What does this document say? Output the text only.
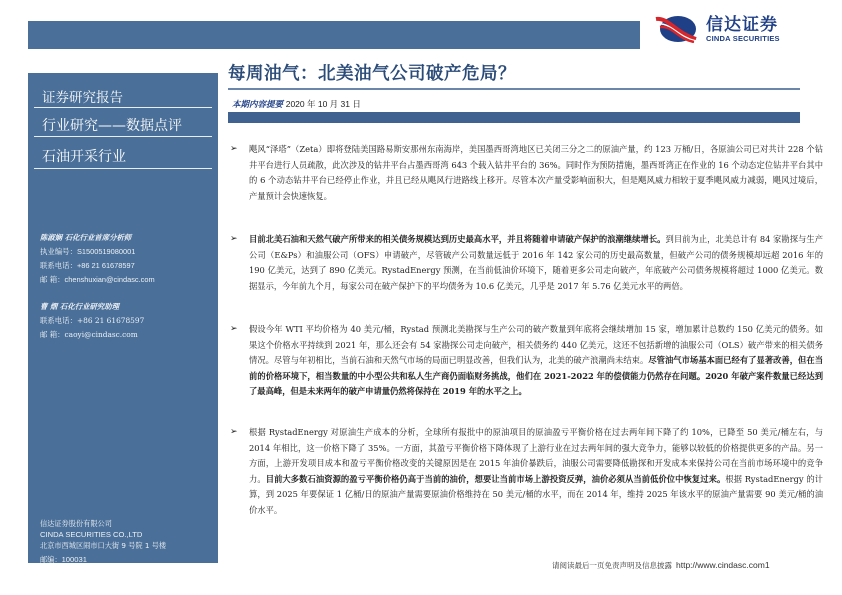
信达证券
CINDA SECURITIES
证券研究报告
行业研究——数据点评
石油开采行业
陈淑娴 石化行业首席分析师
执业编号：S1500519080001
联系电话：+86 21 61678597
邮 箱：chenshuxian@cindasc.com
曹 熠 石化行业研究助理
联系电话：+86 21 61678597
邮 箱：caoyi@cindasc.com
信达证券股份有限公司
CINDA SECURITIES CO.,LTD
北京市西城区闹市口大街 9 号院 1 号楼
邮编：100031
每周油气：北美油气公司破产危局？
本期内容提要 2020 年 10 月 31 日
➢ 飓风“泽塔”（Zeta）即将登陆美国路易斯安那州东南海岸，美国墨西哥湾地区已关闭三分之二的原油产量，约 123 万桶/日，各原油公司已对共计 228 个钻井平台进行人员疏散，此次涉及的钻井平台占墨西哥湾 643 个载入钻井平台的 36%。同时作为预防措施，墨西哥湾正在作业的 16 个动态定位钻井平台其中的 6 个动态钻井平台已经停止作业，并且已经从飓风行进路线上移开。尽管本次产量受影响面积大，但是飓风威力相较于夏季飓风威力减弱，飓风过境后，产量预计会快速恢复。
➢ 目前北美石油和天然气破产所带来的相关债务规模达到历史最高水平，并且将随着申请破产保护的浪潮继续增长。到目前为止，北美总计有 84 家勘探与生产公司（E&Ps）和油服公司（OFS）申请破产，尽管破产公司数量远低于 2016 年 142 家公司的历史最高数量，但破产公司的债务规模却远超 2016 年的 190 亿美元，达到了 890 亿美元。RystadEnergy 预测，在当前低油价环境下，随着更多公司走向破产，年底破产公司债务规模将超过 1000 亿美元。数据显示，今年前九个月，每家公司在破产保护下的平均债务为 10.6 亿美元，几乎是 2017 年 5.76 亿美元水平的两倍。
➢ 假设今年 WTI 平均价格为 40 美元/桶，Rystad 预测北美勘探与生产公司的破产数量到年底将会继续增加 15 家，增加累计总数约 150 亿美元的债务。如果这个价格水平持续到 2021 年，那么还会有 54 家勘探公司走向破产，相关债务约 440 亿美元，这还不包括新增的油服公司（OLS）破产带来的相关债务情况。尽管与年初相比，当前石油和天然气市场的局面已明显改善，但我们认为，北美的破产浪潮尚未结束。尽管油气市场基本面已经有了显著改善，但在当前的价格环境下，相当数量的中小型公共和私人生产商仍面临财务挑战，他们在 2021-2022 年的偿债能力仍然存在问题。2020 年破产案件数量已经达到了最高峰，但是未来两年的破产申请量仍然将保持在 2019 年的水平之上。
➢ 根据 RystadEnergy 对原油生产成本的分析，全球所有报批中的原油项目的原油盈亏平衡价格在过去两年间下降了约 10%，已降至 50 美元/桶左右，与 2014 年相比，这一价格下降了 35%。一方面，其盈亏平衡价格下降体现了上游行业在过去两年间的强大竞争力，能够以较低的价格提供更多的产品。另一方面，上游开发项目成本和盈亏平衡价格改变的关键原因是在 2015 年油价暴跌后，油服公司需要降低勘探和开发成本来保持公司在当前市场环境中的竞争力。目前大多数石油资源的盈亏平衡价格仍高于当前的油价，想要让当前市场上游投资反弹，油价必须从当前低价位中恢复过来。根据 RystadEnergy 的计算，到 2025 年要保证 1 亿桶/日的原油产量需要原油价格维持在 50 美元/桶的水平，而在 2014 年，维持 2025 年该水平的原油产量需要 90 美元/桶的油价水平。
请阅读最后一页免责声明及信息披露 http://www.cindasc.com1
